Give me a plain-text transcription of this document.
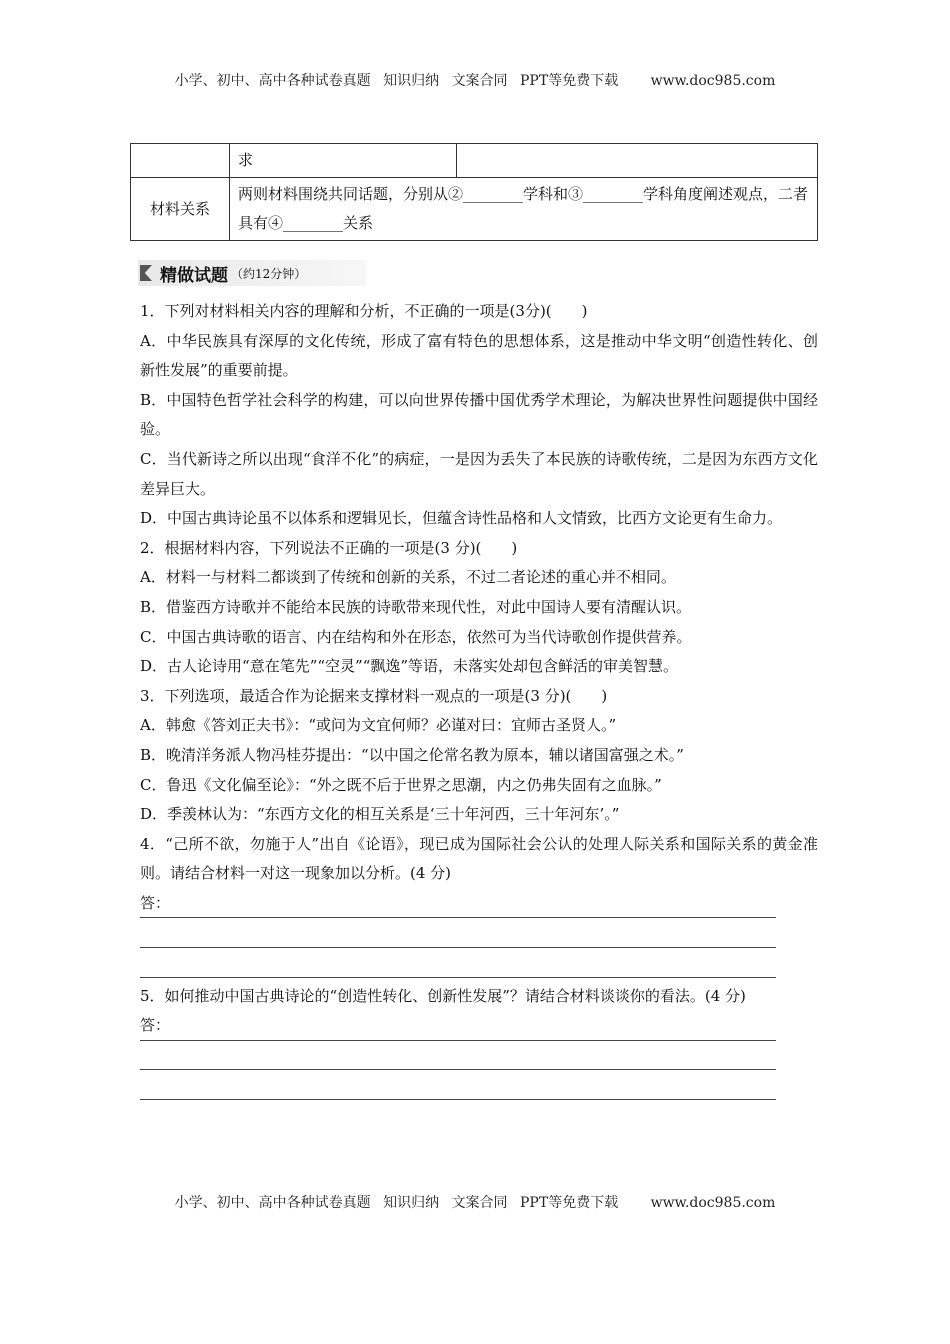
小学、初中、高中各种试卷真题 知识归纳 文案合同 PPT等免费下载 www.doc985.com
	求	
材料关系	两则材料围绕共同话题，分别从②________学科和③________学科角度阐述观点，二者具有④________关系	
精做试题 （约12分钟）

1．下列对材料相关内容的理解和分析，不正确的一项是(3分)(　　)

A．中华民族具有深厚的文化传统，形成了富有特色的思想体系，这是推动中华文明“创造性转化、创新性发展”的重要前提。

B．中国特色哲学社会科学的构建，可以向世界传播中国优秀学术理论，为解决世界性问题提供中国经验。

C．当代新诗之所以出现“食洋不化”的病症，一是因为丢失了本民族的诗歌传统，二是因为东西方文化差异巨大。

D．中国古典诗论虽不以体系和逻辑见长，但蕴含诗性品格和人文情致，比西方文论更有生命力。

2．根据材料内容，下列说法不正确的一项是(3 分)(　　)

A．材料一与材料二都谈到了传统和创新的关系，不过二者论述的重心并不相同。

B．借鉴西方诗歌并不能给本民族的诗歌带来现代性，对此中国诗人要有清醒认识。

C．中国古典诗歌的语言、内在结构和外在形态，依然可为当代诗歌创作提供营养。

D．古人论诗用“意在笔先”“空灵”“飘逸”等语，未落实处却包含鲜活的审美智慧。

3．下列选项，最适合作为论据来支撑材料一观点的一项是(3 分)(　　)

A．韩愈《答刘正夫书》：“或问为文宜何师？必谨对曰：宜师古圣贤人。”

B．晚清洋务派人物冯桂芬提出：“以中国之伦常名教为原本，辅以诸国富强之术。”

C．鲁迅《文化偏至论》：“外之既不后于世界之思潮，内之仍弗失固有之血脉。”

D．季羡林认为：“东西方文化的相互关系是‘三十年河西，三十年河东’。”

4．“己所不欲，勿施于人”出自《论语》，现已成为国际社会公认的处理人际关系和国际关系的黄金准则。请结合材料一对这一现象加以分析。(4 分)

答：

5．如何推动中国古典诗论的“创造性转化、创新性发展”？请结合材料谈谈你的看法。(4 分)

答：
小学、初中、高中各种试卷真题 知识归纳 文案合同 PPT等免费下载 www.doc985.com
